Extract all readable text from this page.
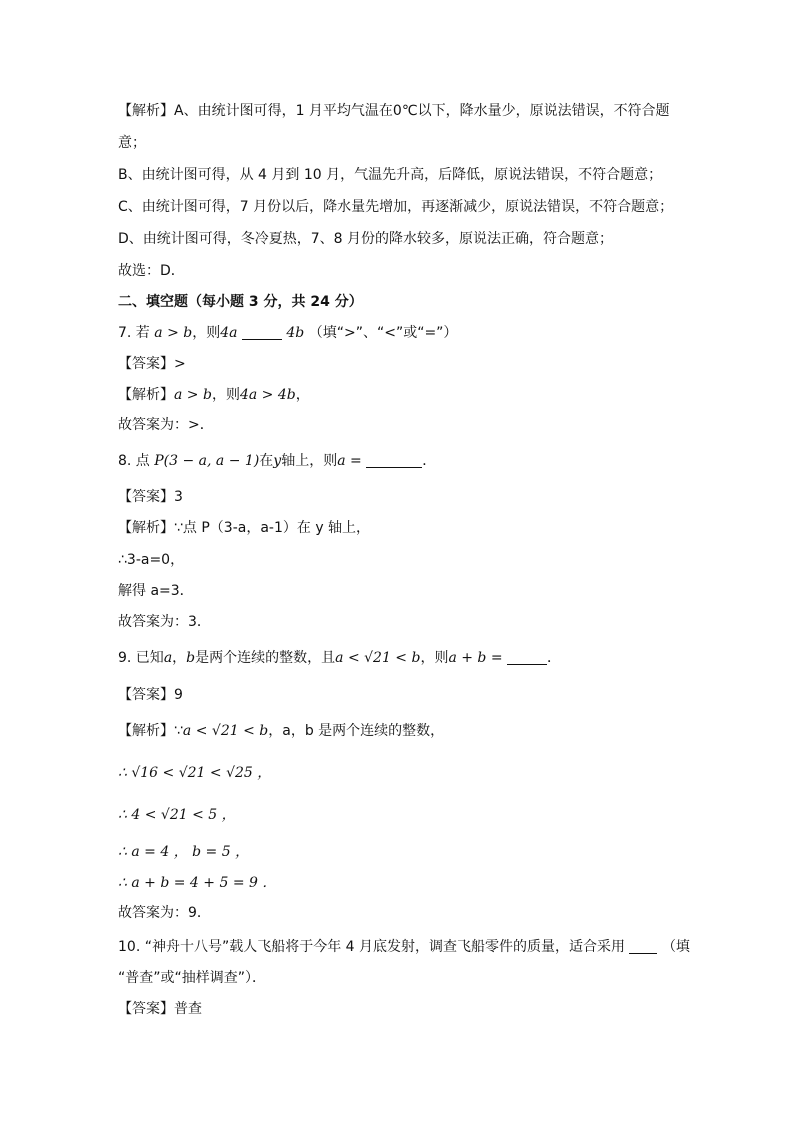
【解析】A、由统计图可得，1 月平均气温在0℃以下，降水量少，原说法错误，不符合题
意；
B、由统计图可得，从 4 月到 10 月，气温先升高，后降低，原说法错误，不符合题意；
C、由统计图可得，7 月份以后，降水量先增加，再逐渐减少，原说法错误，不符合题意；
D、由统计图可得，冬冷夏热，7、8 月份的降水较多，原说法正确，符合题意；
故选：D．
二、填空题（每小题 3 分，共 24 分）
7. 若 a > b，则4a	4b （填“>”、“<”或“=”）
【答案】>
【解析】a > b，则4a > 4b，
故答案为：>．
8. 点 P(3 − a, a − 1)在y轴上，则a =	．
【答案】3
【解析】∵点 P（3-a，a-1）在 y 轴上，
∴3-a=0，
解得 a=3．
故答案为：3．
9. 已知a，b是两个连续的整数，且a < √21 < b，则a + b =	．
【答案】9
【解析】∵a < √21 < b，a，b 是两个连续的整数，
∴ √16 < √21 < √25 ，
∴ 4 < √21 < 5 ，
∴ a = 4 ， b = 5 ，
∴ a + b = 4 + 5 = 9 ．
故答案为：9．
10. “神舟十八号”载人飞船将于今年 4 月底发射，调查飞船零件的质量，适合采用	（填
“普查”或“抽样调查”）．
【答案】普查
